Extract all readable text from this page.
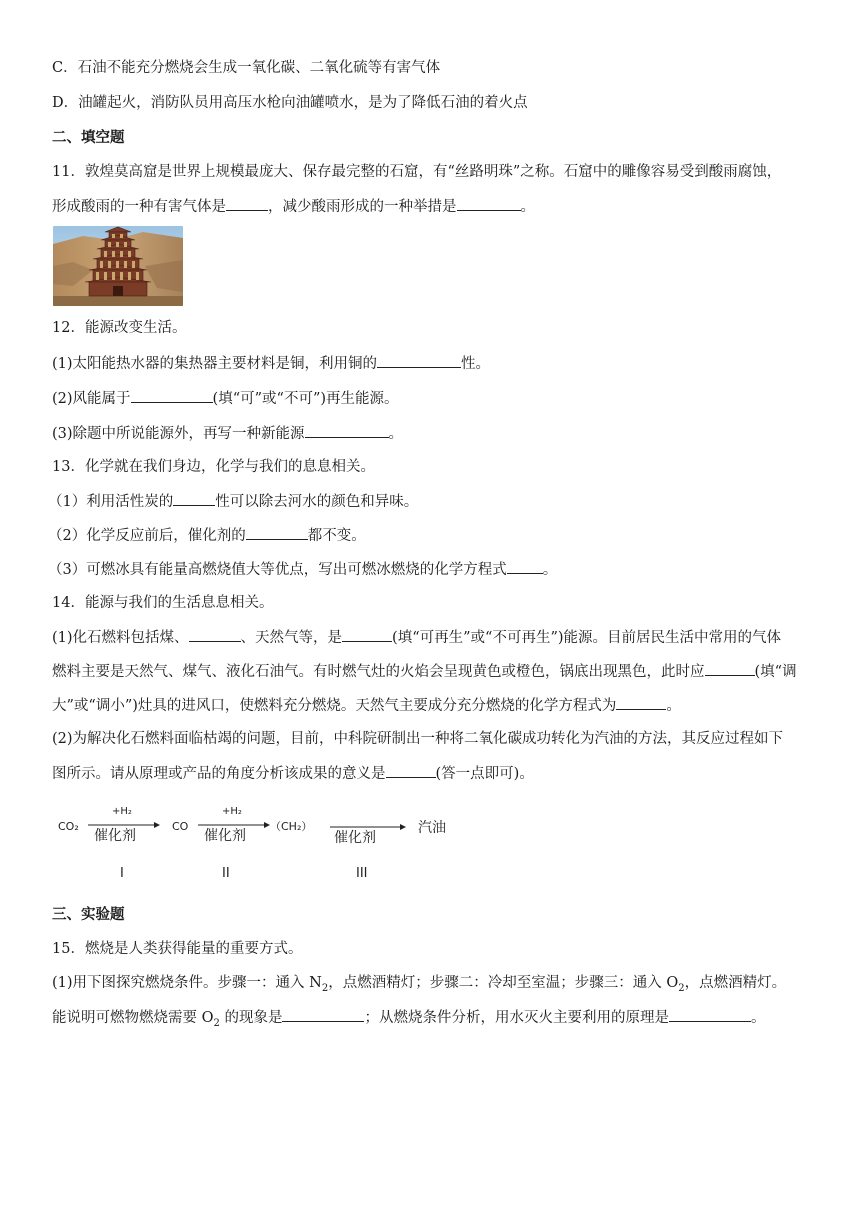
C．石油不能充分燃烧会生成一氧化碳、二氧化硫等有害气体
D．油罐起火，消防队员用高压水枪向油罐喷水，是为了降低石油的着火点
二、填空题
11．敦煌莫高窟是世界上规模最庞大、保存最完整的石窟，有“丝路明珠”之称。石窟中的雕像容易受到酸雨腐蚀，
形成酸雨的一种有害气体是	，减少酸雨形成的一种举措是	。
12．能源改变生活。
(1)太阳能热水器的集热器主要材料是铜，利用铜的	性。
(2)风能属于	(填“可”或“不可”)再生能源。
(3)除题中所说能源外，再写一种新能源	。
13．化学就在我们身边，化学与我们的息息相关。
（1）利用活性炭的	性可以除去河水的颜色和异味。
（2）化学反应前后，催化剂的	都不变。
（3）可燃冰具有能量高燃烧值大等优点，写出可燃冰燃烧的化学方程式 。
14．能源与我们的生活息息相关。
(1)化石燃料包括煤、	、天然气等，是	(填“可再生”或“不可再生”)能源。目前居民生活中常用的气体
燃料主要是天然气、煤气、液化石油气。有时燃气灶的火焰会呈现黄色或橙色，锅底出现黑色，此时应	(填“调
大”或“调小”)灶具的进风口，使燃料充分燃烧。天然气主要成分充分燃烧的化学方程式为	。
(2)为解决化石燃料面临枯竭的问题，目前，中科院研制出一种将二氧化碳成功转化为汽油的方法，其反应过程如下
图所示。请从原理或产品的角度分析该成果的意义是	(答一点即可)。
CO₂
+H₂
催化剂
CO
+H₂
催化剂
（CH₂）
催化剂
汽油
I	II	III
三、实验题
15．燃烧是人类获得能量的重要方式。
(1)用下图探究燃烧条件。步骤一：通入 $N_2$，点燃酒精灯；步骤二：冷却至室温；步骤三：通入 $O_2$，点燃酒精灯。
能说明可燃物燃烧需要 $O_2$ 的现象是	；从燃烧条件分析，用水灭火主要利用的原理是	。
